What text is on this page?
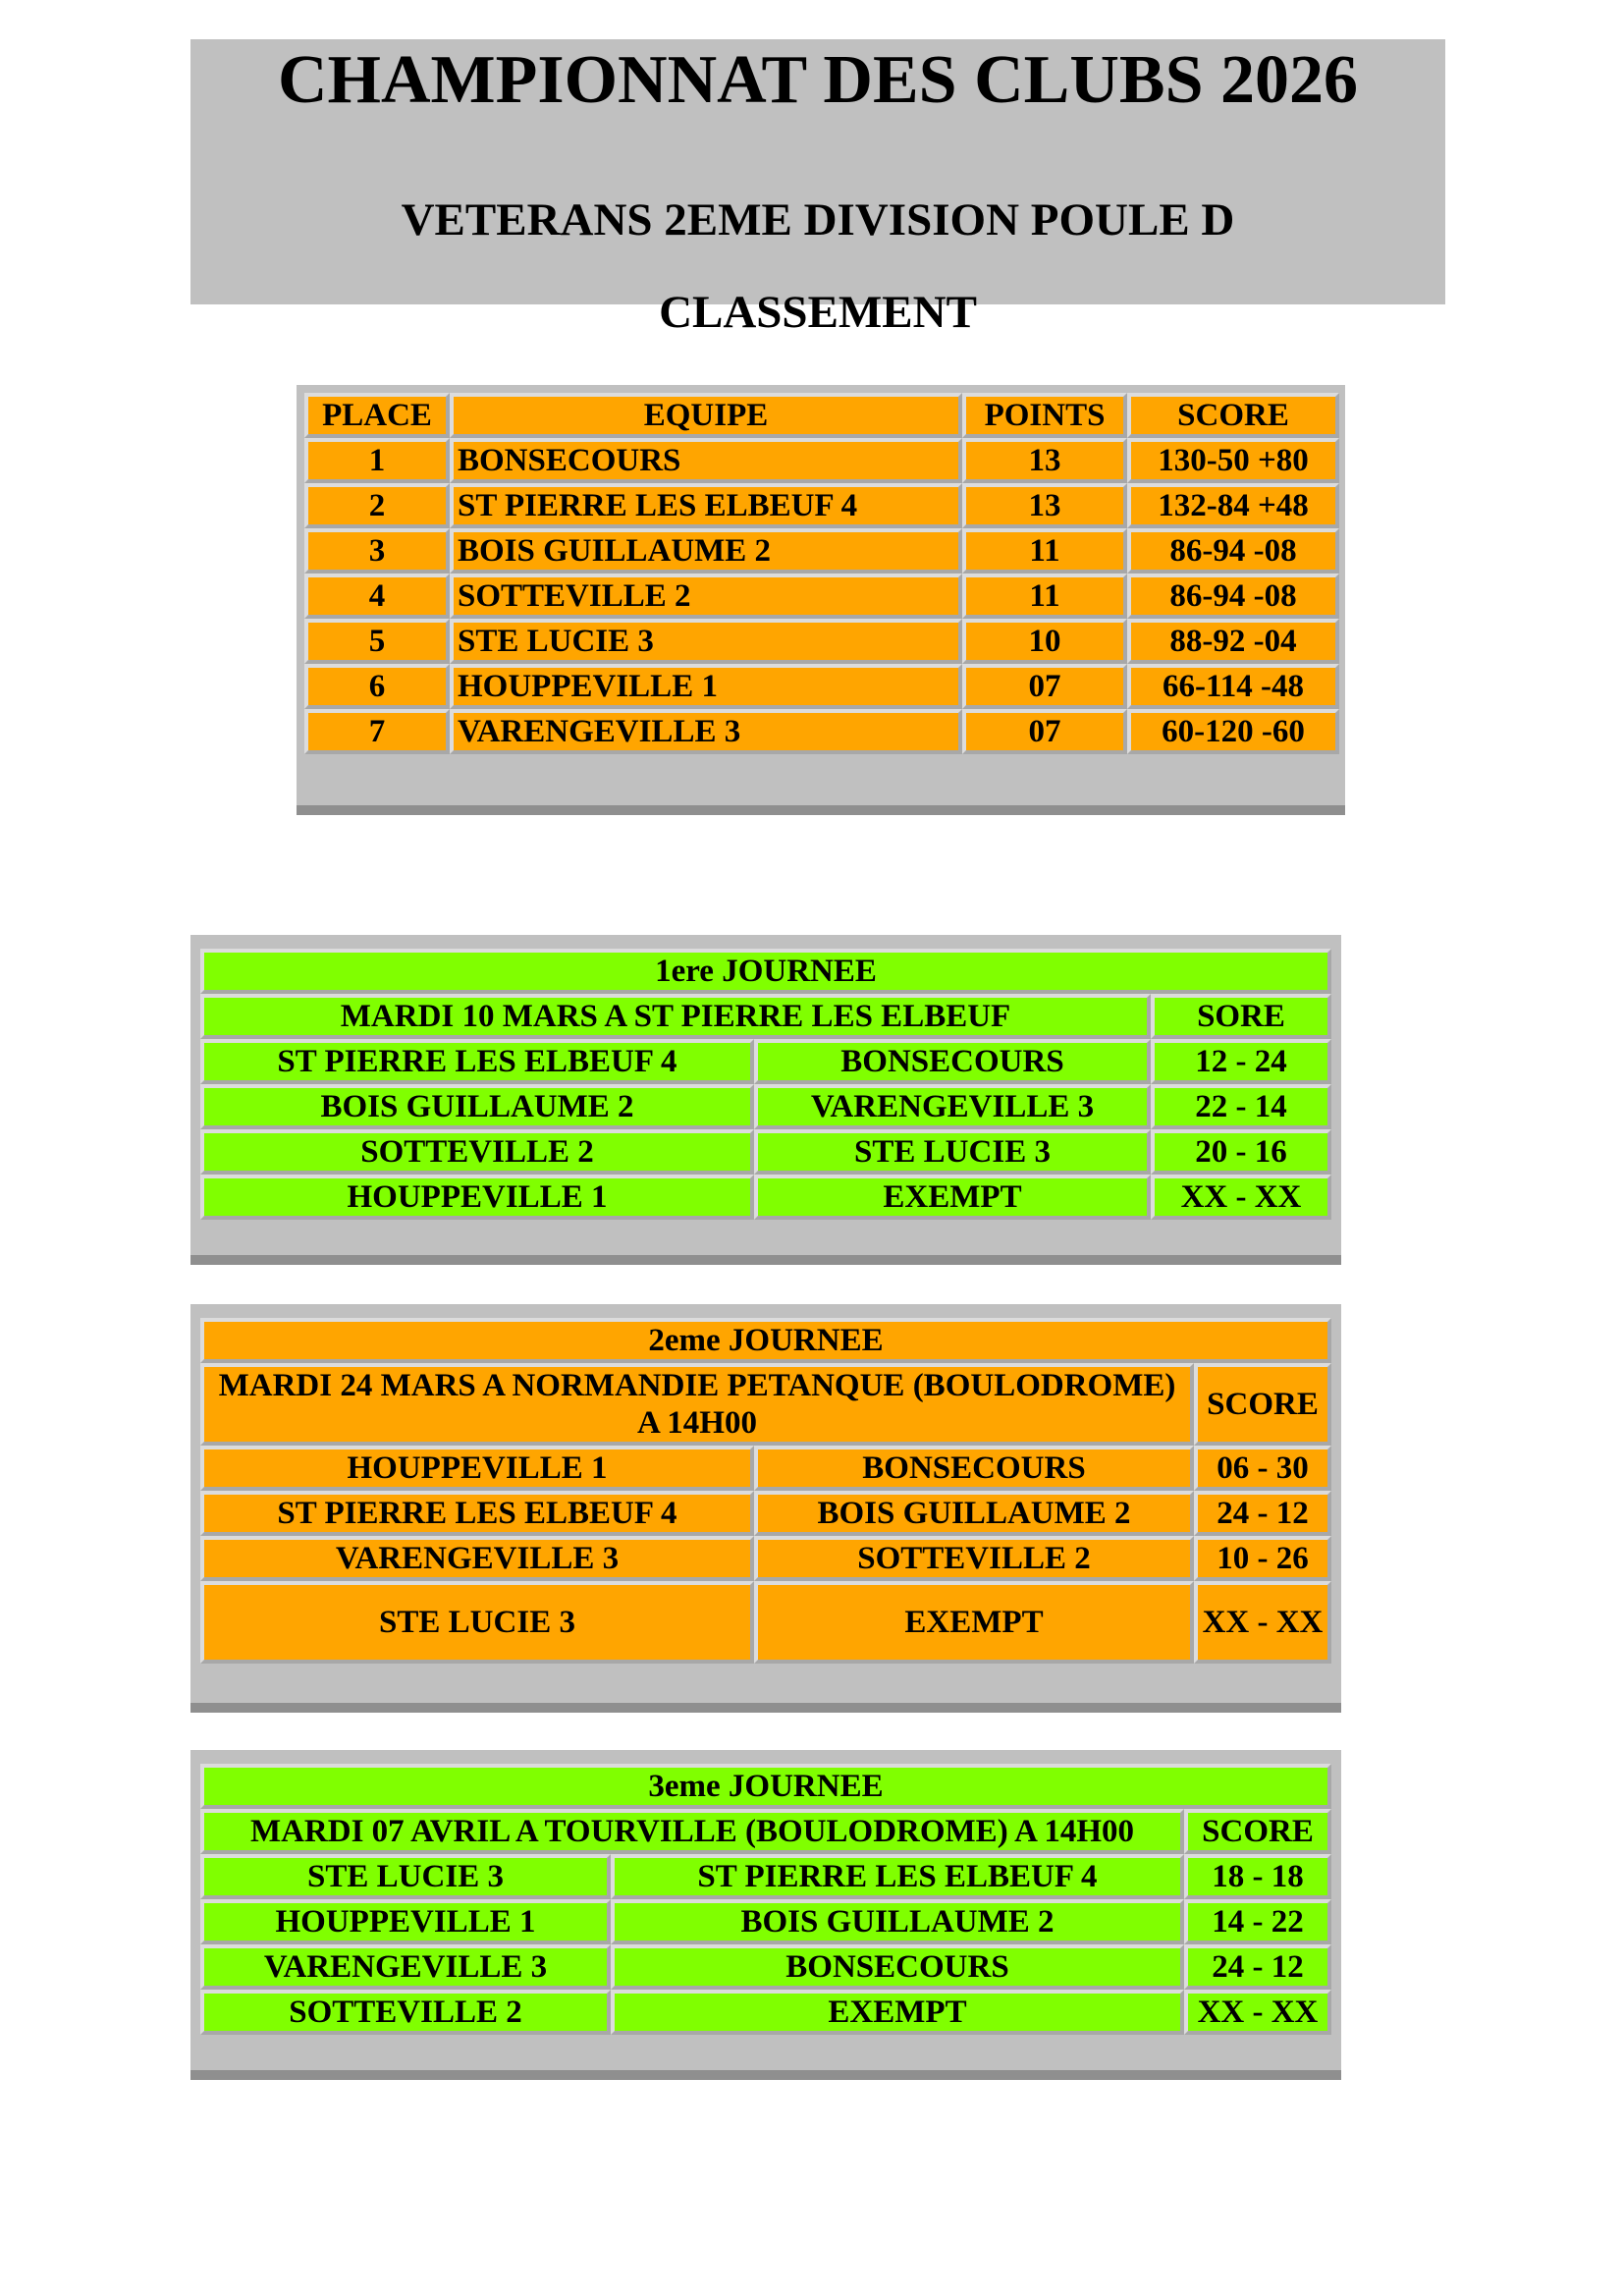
CHAMPIONNAT DES CLUBS 2026
VETERANS 2EME DIVISION POULE D
CLASSEMENT
PLACE	EQUIPE	POINTS	SCORE
1	BONSECOURS	13	130-50 +80
2	ST PIERRE LES ELBEUF 4	13	132-84 +48
3	BOIS GUILLAUME 2	11	86-94 -08
4	SOTTEVILLE 2	11	86-94 -08
5	STE LUCIE 3	10	88-92 -04
6	HOUPPEVILLE 1	07	66-114 -48
7	VARENGEVILLE 3	07	60-120 -60
1ere JOURNEE		
MARDI 10 MARS A ST PIERRE LES ELBEUF		SORE
ST PIERRE LES ELBEUF 4	BONSECOURS	12 - 24
BOIS GUILLAUME 2	VARENGEVILLE 3	22 - 14
SOTTEVILLE 2	STE LUCIE 3	20 - 16
HOUPPEVILLE 1	EXEMPT	XX - XX
2eme JOURNEE		
MARDI 24 MARS A NORMANDIE PETANQUE (BOULODROME) A 14H00		SCORE
HOUPPEVILLE 1	BONSECOURS	06 - 30
ST PIERRE LES ELBEUF 4	BOIS GUILLAUME 2	24 - 12
VARENGEVILLE 3	SOTTEVILLE 2	10 - 26
STE LUCIE 3	EXEMPT	XX - XX
3eme JOURNEE		
MARDI 07 AVRIL A TOURVILLE (BOULODROME) A 14H00		SCORE
STE LUCIE 3	ST PIERRE LES ELBEUF 4	18 - 18
HOUPPEVILLE 1	BOIS GUILLAUME 2	14 - 22
VARENGEVILLE 3	BONSECOURS	24 - 12
SOTTEVILLE 2	EXEMPT	XX - XX
